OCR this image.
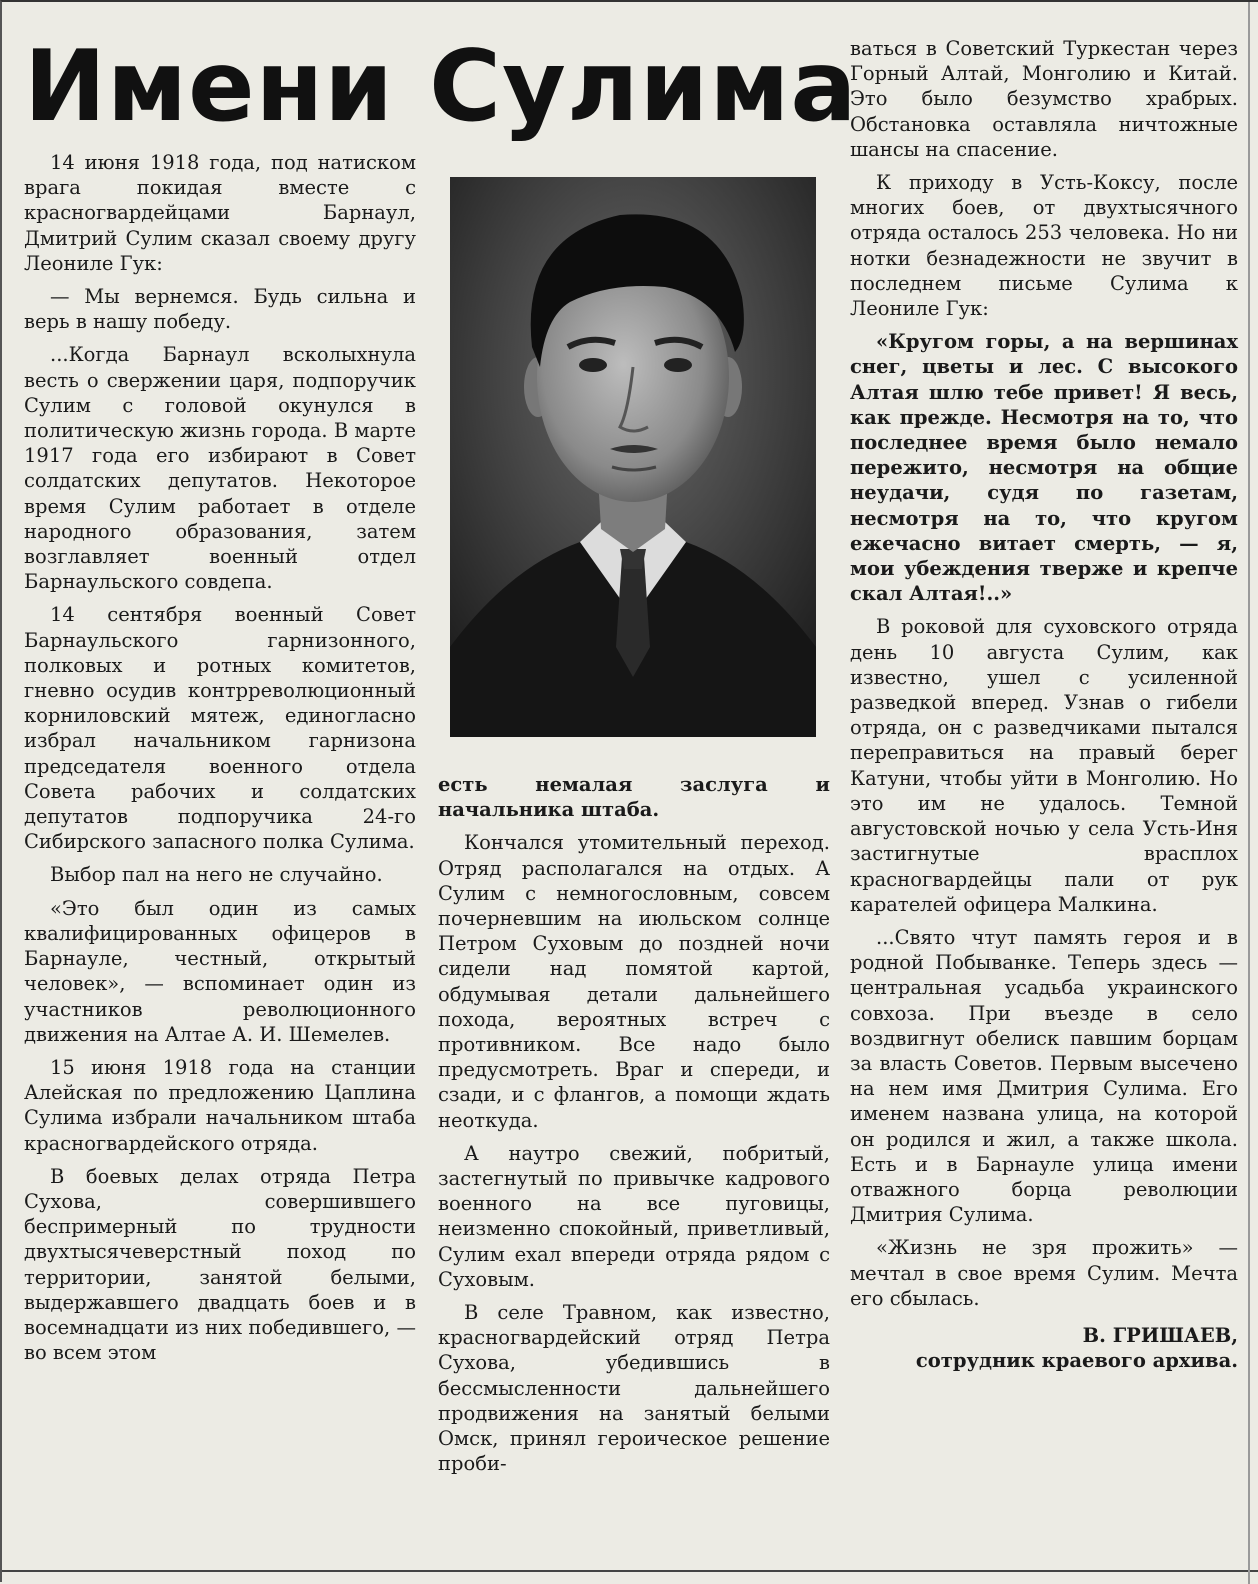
Имени Сулима

14 июня 1918 года, под натиском врага покидая вместе с красногвардейцами Барнаул, Дмитрий Сулим сказал своему другу Леониле Гук:

— Мы вернемся. Будь сильна и верь в нашу победу.

...Когда Барнаул всколыхнула весть о свержении царя, подпоручик Сулим с головой окунулся в политическую жизнь города. В марте 1917 года его избирают в Совет солдатских депутатов. Некоторое время Сулим работает в отделе народного образования, затем возглавляет военный отдел Барнаульского совдепа.

14 сентября военный Совет Барнаульского гарнизонного, полковых и ротных комитетов, гневно осудив контрреволюционный корниловский мятеж, единогласно избрал начальником гарнизона председателя военного отдела Совета рабочих и солдатских депутатов подпоручика 24-го Сибирского запасного полка Сулима.

Выбор пал на него не случайно.

«Это был один из самых квалифицированных офицеров в Барнауле, честный, открытый человек», — вспоминает один из участников революционного движения на Алтае А. И. Шемелев.

15 июня 1918 года на станции Алейская по предложению Цаплина Сулима избрали начальником штаба красногвардейского отряда.

В боевых делах отряда Петра Сухова, совершившего беспримерный по трудности двухтысячеверстный поход по территории, занятой белыми, выдержавшего двадцать боев и в восемнадцати из них победившего, — во всем этом

есть немалая заслуга и начальника штаба.

Кончался утомительный переход. Отряд располагался на отдых. А Сулим с немногословным, совсем почерневшим на июльском солнце Петром Суховым до поздней ночи сидели над помятой картой, обдумывая детали дальнейшего похода, вероятных встреч с противником. Все надо было предусмотреть. Враг и спереди, и сзади, и с флангов, а помощи ждать неоткуда.

А наутро свежий, побритый, застегнутый по привычке кадрового военного на все пуговицы, неизменно спокойный, приветливый, Сулим ехал впереди отряда рядом с Суховым.

В селе Травном, как известно, красногвардейский отряд Петра Сухова, убедившись в бессмысленности дальнейшего продвижения на занятый белыми Омск, принял героическое решение проби-

ваться в Советский Туркестан через Горный Алтай, Монголию и Китай. Это было безумство храбрых. Обстановка оставляла ничтожные шансы на спасение.

К приходу в Усть-Коксу, после многих боев, от двухтысячного отряда осталось 253 человека. Но ни нотки безнадежности не звучит в последнем письме Сулима к Леониле Гук:

«Кругом горы, а на вершинах снег, цветы и лес. С высокого Алтая шлю тебе привет! Я весь, как прежде. Несмотря на то, что последнее время было немало пережито, несмотря на общие неудачи, судя по газетам, несмотря на то, что кругом ежечасно витает смерть, — я, мои убеждения тверже и крепче скал Алтая!..»

В роковой для суховского отряда день 10 августа Сулим, как известно, ушел с усиленной разведкой вперед. Узнав о гибели отряда, он с разведчиками пытался переправиться на правый берег Катуни, чтобы уйти в Монголию. Но это им не удалось. Темной августовской ночью у села Усть-Иня застигнутые врасплох красногвардейцы пали от рук карателей офицера Малкина.

...Свято чтут память героя и в родной Побыванке. Теперь здесь — центральная усадьба украинского совхоза. При въезде в село воздвигнут обелиск павшим борцам за власть Советов. Первым высечено на нем имя Дмитрия Сулима. Его именем названа улица, на которой он родился и жил, а также школа. Есть и в Барнауле улица имени отважного борца революции Дмитрия Сулима.

«Жизнь не зря прожить» — мечтал в свое время Сулим. Мечта его сбылась.

В. ГРИШАЕВ,
сотрудник краевого архива.
